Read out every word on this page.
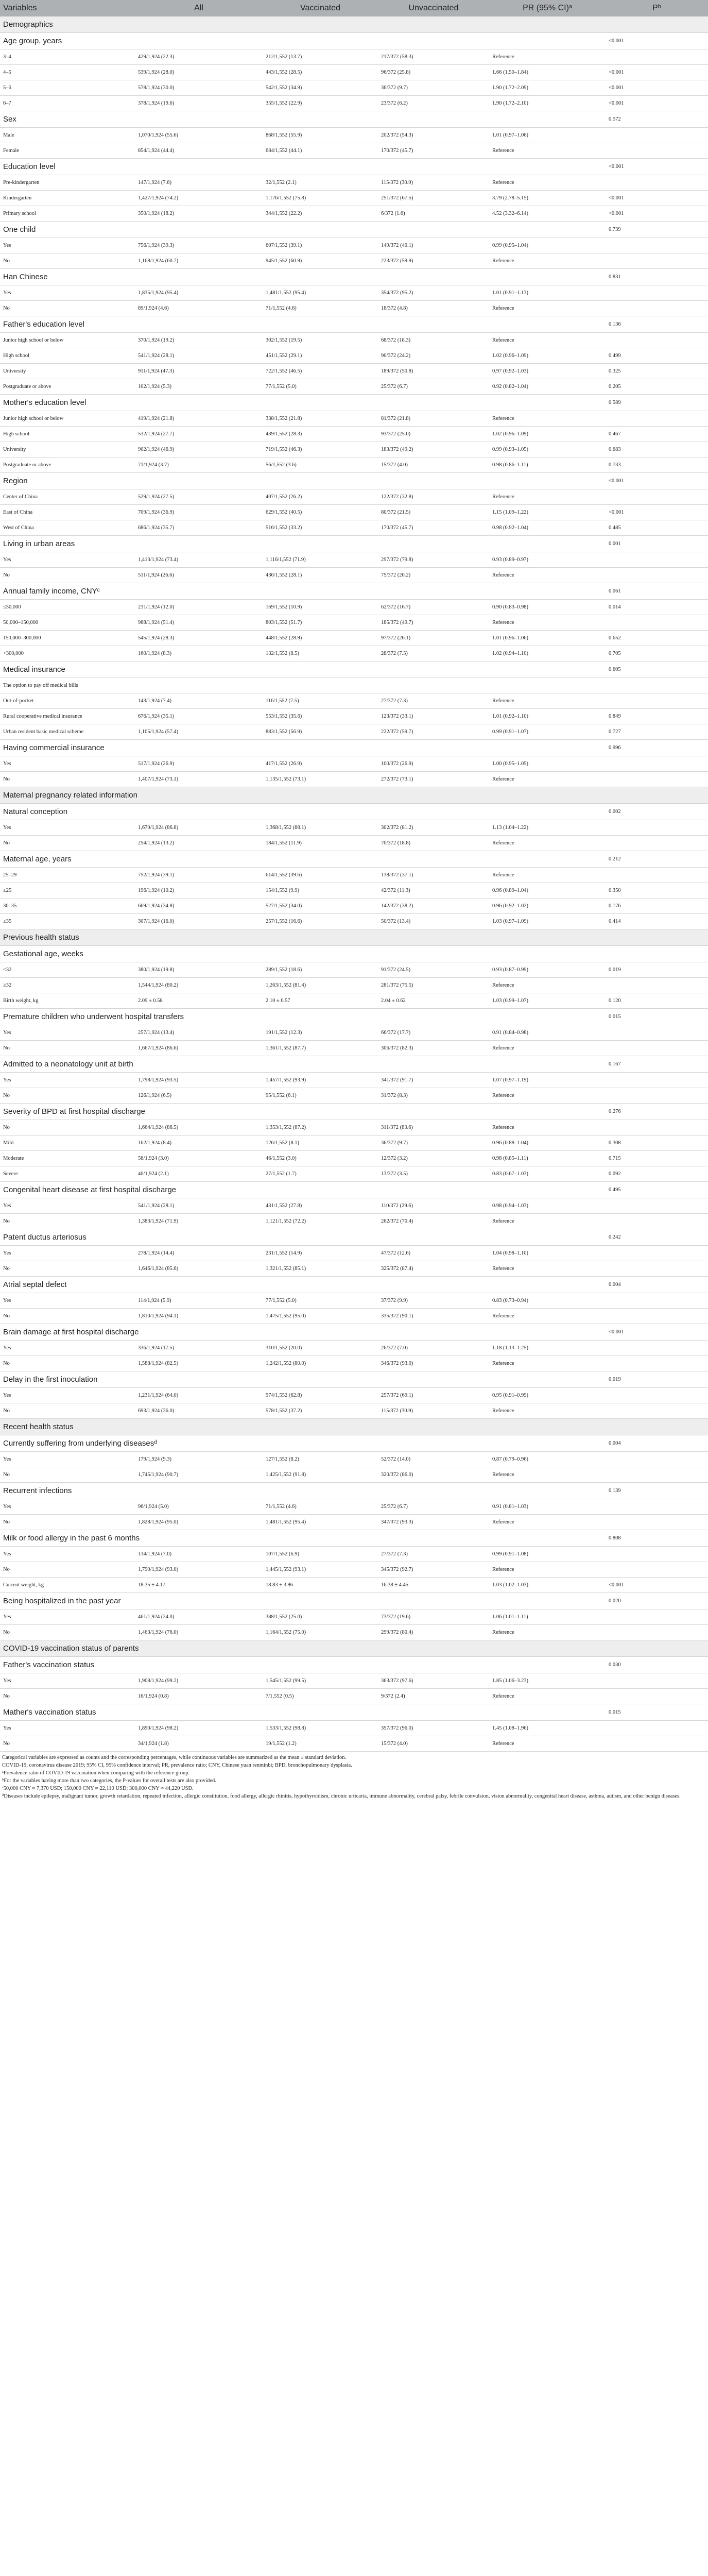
Variables	All	Vaccinated	Unvaccinated	PR (95% CI)ᵃ	Pᵇ
Demographics					
Age group, years					<0.001
3–4	429/1,924 (22.3)	212/1,552 (13.7)	217/372 (58.3)	Reference	
4–5	539/1,924 (28.0)	443/1,552 (28.5)	96/372 (25.8)	1.66 (1.50–1.84)	<0.001
5–6	578/1,924 (30.0)	542/1,552 (34.9)	36/372 (9.7)	1.90 (1.72–2.09)	<0.001
6–7	378/1,924 (19.6)	355/1,552 (22.9)	23/372 (6.2)	1.90 (1.72–2.10)	<0.001
Sex					0.572
Male	1,070/1,924 (55.6)	868/1,552 (55.9)	202/372 (54.3)	1.01 (0.97–1.06)	
Female	854/1,924 (44.4)	684/1,552 (44.1)	170/372 (45.7)	Reference	
Education level					<0.001
Pre-kindergarten	147/1,924 (7.6)	32/1,552 (2.1)	115/372 (30.9)	Reference	
Kindergarten	1,427/1,924 (74.2)	1,176/1,552 (75.8)	251/372 (67.5)	3.79 (2.78–5.15)	<0.001
Primary school	350/1,924 (18.2)	344/1,552 (22.2)	6/372 (1.6)	4.52 (3.32–6.14)	<0.001
One child					0.739
Yes	756/1,924 (39.3)	607/1,552 (39.1)	149/372 (40.1)	0.99 (0.95–1.04)	
No	1,168/1,924 (60.7)	945/1,552 (60.9)	223/372 (59.9)	Reference	
Han Chinese					0.831
Yes	1,835/1,924 (95.4)	1,481/1,552 (95.4)	354/372 (95.2)	1.01 (0.91–1.13)	
No	89/1,924 (4.6)	71/1,552 (4.6)	18/372 (4.8)	Reference	
Father's education level					0.136
Junior high school or below	370/1,924 (19.2)	302/1,552 (19.5)	68/372 (18.3)	Reference	
High school	541/1,924 (28.1)	451/1,552 (29.1)	90/372 (24.2)	1.02 (0.96–1.09)	0.499
University	911/1,924 (47.3)	722/1,552 (46.5)	189/372 (50.8)	0.97 (0.92–1.03)	0.325
Postgraduate or above	102/1,924 (5.3)	77/1,552 (5.0)	25/372 (6.7)	0.92 (0.82–1.04)	0.205
Mother's education level					0.589
Junior high school or below	419/1,924 (21.8)	338/1,552 (21.8)	81/372 (21.8)	Reference	
High school	532/1,924 (27.7)	439/1,552 (28.3)	93/372 (25.0)	1.02 (0.96–1.09)	0.467
University	902/1,924 (46.9)	719/1,552 (46.3)	183/372 (49.2)	0.99 (0.93–1.05)	0.683
Postgraduate or above	71/1,924 (3.7)	56/1,552 (3.6)	15/372 (4.0)	0.98 (0.86–1.11)	0.733
Region					<0.001
Center of China	529/1,924 (27.5)	407/1,552 (26.2)	122/372 (32.8)	Reference	
East of China	709/1,924 (36.9)	629/1,552 (40.5)	80/372 (21.5)	1.15 (1.09–1.22)	<0.001
West of China	686/1,924 (35.7)	516/1,552 (33.2)	170/372 (45.7)	0.98 (0.92–1.04)	0.485
Living in urban areas					0.001
Yes	1,413/1,924 (73.4)	1,116/1,552 (71.9)	297/372 (79.8)	0.93 (0.89–0.97)	
No	511/1,924 (26.6)	436/1,552 (28.1)	75/372 (20.2)	Reference	
Annual family income, CNYᶜ					0.061
≤50,000	231/1,924 (12.0)	169/1,552 (10.9)	62/372 (16.7)	0.90 (0.83–0.98)	0.014
50,000–150,000	988/1,924 (51.4)	803/1,552 (51.7)	185/372 (49.7)	Reference	
150,000–300,000	545/1,924 (28.3)	448/1,552 (28.9)	97/372 (26.1)	1.01 (0.96–1.06)	0.652
>300,000	160/1,924 (8.3)	132/1,552 (8.5)	28/372 (7.5)	1.02 (0.94–1.10)	0.705
Medical insurance					0.605
The option to pay off medical bills					
Out-of-pocket	143/1,924 (7.4)	116/1,552 (7.5)	27/372 (7.3)	Reference	
Rural cooperative medical insurance	676/1,924 (35.1)	553/1,552 (35.6)	123/372 (33.1)	1.01 (0.92–1.10)	0.849
Urban resident basic medical scheme	1,105/1,924 (57.4)	883/1,552 (56.9)	222/372 (59.7)	0.99 (0.91–1.07)	0.727
Having commercial insurance					0.996
Yes	517/1,924 (26.9)	417/1,552 (26.9)	100/372 (26.9)	1.00 (0.95–1.05)	
No	1,407/1,924 (73.1)	1,135/1,552 (73.1)	272/372 (73.1)	Reference	
Maternal pregnancy related information					
Natural conception					0.002
Yes	1,670/1,924 (86.8)	1,368/1,552 (88.1)	302/372 (81.2)	1.13 (1.04–1.22)	
No	254/1,924 (13.2)	184/1,552 (11.9)	70/372 (18.8)	Reference	
Maternal age, years					0.212
25–29	752/1,924 (39.1)	614/1,552 (39.6)	138/372 (37.1)	Reference	
≤25	196/1,924 (10.2)	154/1,552 (9.9)	42/372 (11.3)	0.96 (0.89–1.04)	0.350
30–35	669/1,924 (34.8)	527/1,552 (34.0)	142/372 (38.2)	0.96 (0.92–1.02)	0.176
≥35	307/1,924 (16.0)	257/1,552 (16.6)	50/372 (13.4)	1.03 (0.97–1.09)	0.414
Previous health status					
Gestational age, weeks					
<32	380/1,924 (19.8)	289/1,552 (18.6)	91/372 (24.5)	0.93 (0.87–0.99)	0.019
≥32	1,544/1,924 (80.2)	1,263/1,552 (81.4)	281/372 (75.5)	Reference	
Birth weight, kg	2.09 ± 0.58	2.10 ± 0.57	2.04 ± 0.62	1.03 (0.99–1.07)	0.120
Premature children who underwent hospital transfers					0.015
Yes	257/1,924 (13.4)	191/1,552 (12.3)	66/372 (17.7)	0.91 (0.84–0.98)	
No	1,667/1,924 (86.6)	1,361/1,552 (87.7)	306/372 (82.3)	Reference	
Admitted to a neonatology unit at birth					0.167
Yes	1,798/1,924 (93.5)	1,457/1,552 (93.9)	341/372 (91.7)	1.07 (0.97–1.19)	
No	126/1,924 (6.5)	95/1,552 (6.1)	31/372 (8.3)	Reference	
Severity of BPD at first hospital discharge					0.276
No	1,664/1,924 (86.5)	1,353/1,552 (87.2)	311/372 (83.6)	Reference	
Mild	162/1,924 (8.4)	126/1,552 (8.1)	36/372 (9.7)	0.96 (0.88–1.04)	0.308
Moderate	58/1,924 (3.0)	46/1,552 (3.0)	12/372 (3.2)	0.98 (0.85–1.11)	0.715
Severe	40/1,924 (2.1)	27/1,552 (1.7)	13/372 (3.5)	0.83 (0.67–1.03)	0.092
Congenital heart disease at first hospital discharge					0.495
Yes	541/1,924 (28.1)	431/1,552 (27.8)	110/372 (29.6)	0.98 (0.94–1.03)	
No	1,383/1,924 (71.9)	1,121/1,552 (72.2)	262/372 (70.4)	Reference	
Patent ductus arteriosus					0.242
Yes	278/1,924 (14.4)	231/1,552 (14.9)	47/372 (12.6)	1.04 (0.98–1.10)	
No	1,646/1,924 (85.6)	1,321/1,552 (85.1)	325/372 (87.4)	Reference	
Atrial septal defect					0.004
Yes	114/1,924 (5.9)	77/1,552 (5.0)	37/372 (9.9)	0.83 (0.73–0.94)	
No	1,810/1,924 (94.1)	1,475/1,552 (95.0)	335/372 (90.1)	Reference	
Brain damage at first hospital discharge					<0.001
Yes	336/1,924 (17.5)	310/1,552 (20.0)	26/372 (7.0)	1.18 (1.13–1.25)	
No	1,588/1,924 (82.5)	1,242/1,552 (80.0)	346/372 (93.0)	Reference	
Delay in the first inoculation					0.019
Yes	1,231/1,924 (64.0)	974/1,552 (62.8)	257/372 (69.1)	0.95 (0.91–0.99)	
No	693/1,924 (36.0)	578/1,552 (37.2)	115/372 (30.9)	Reference	
Recent health status					
Currently suffering from underlying diseasesᵈ					0.004
Yes	179/1,924 (9.3)	127/1,552 (8.2)	52/372 (14.0)	0.87 (0.79–0.96)	
No	1,745/1,924 (90.7)	1,425/1,552 (91.8)	320/372 (86.0)	Reference	
Recurrent infections					0.139
Yes	96/1,924 (5.0)	71/1,552 (4.6)	25/372 (6.7)	0.91 (0.81–1.03)	
No	1,828/1,924 (95.0)	1,481/1,552 (95.4)	347/372 (93.3)	Reference	
Milk or food allergy in the past 6 months					0.808
Yes	134/1,924 (7.0)	107/1,552 (6.9)	27/372 (7.3)	0.99 (0.91–1.08)	
No	1,790/1,924 (93.0)	1,445/1,552 (93.1)	345/372 (92.7)	Reference	
Current weight, kg	18.35 ± 4.17	18.83 ± 3.96	16.38 ± 4.45	1.03 (1.02–1.03)	<0.001
Being hospitalized in the past year					0.020
Yes	461/1,924 (24.0)	388/1,552 (25.0)	73/372 (19.6)	1.06 (1.01–1.11)	
No	1,463/1,924 (76.0)	1,164/1,552 (75.0)	299/372 (80.4)	Reference	
COVID-19 vaccination status of parents					
Father's vaccination status					0.030
Yes	1,908/1,924 (99.2)	1,545/1,552 (99.5)	363/372 (97.6)	1.85 (1.06–3.23)	
No	16/1,924 (0.8)	7/1,552 (0.5)	9/372 (2.4)	Reference	
Mather's vaccination status					0.015
Yes	1,890/1,924 (98.2)	1,533/1,552 (98.8)	357/372 (96.0)	1.45 (1.08–1.96)	
No	34/1,924 (1.8)	19/1,552 (1.2)	15/372 (4.0)	Reference	

Categorical variables are expressed as counts and the corresponding percentages, while continuous variables are summarized as the mean ± standard deviation.

COVID-19, coronavirus disease 2019; 95% CI, 95% confidence interval; PR, prevalence ratio; CNY, Chinese yuan renminbi; BPD, bronchopulmonary dysplasia.

ᵃPrevalence ratio of COVID-19 vaccination when comparing with the reference group.

ᵇFor the variables having more than two categories, the P-values for overall tests are also provided.

ᶜ50,000 CNY ≈ 7,370 USD; 150,000 CNY ≈ 22,110 USD; 300,000 CNY ≈ 44,220 USD.

ᵈDiseases include epilepsy, malignant tumor, growth retardation, repeated infection, allergic constitution, food allergy, allergic rhinitis, hypothyroidism, chronic urticaria, immune abnormality, cerebral palsy, febrile convulsion, vision abnormality, congenital heart disease, asthma, autism, and other benign diseases.
